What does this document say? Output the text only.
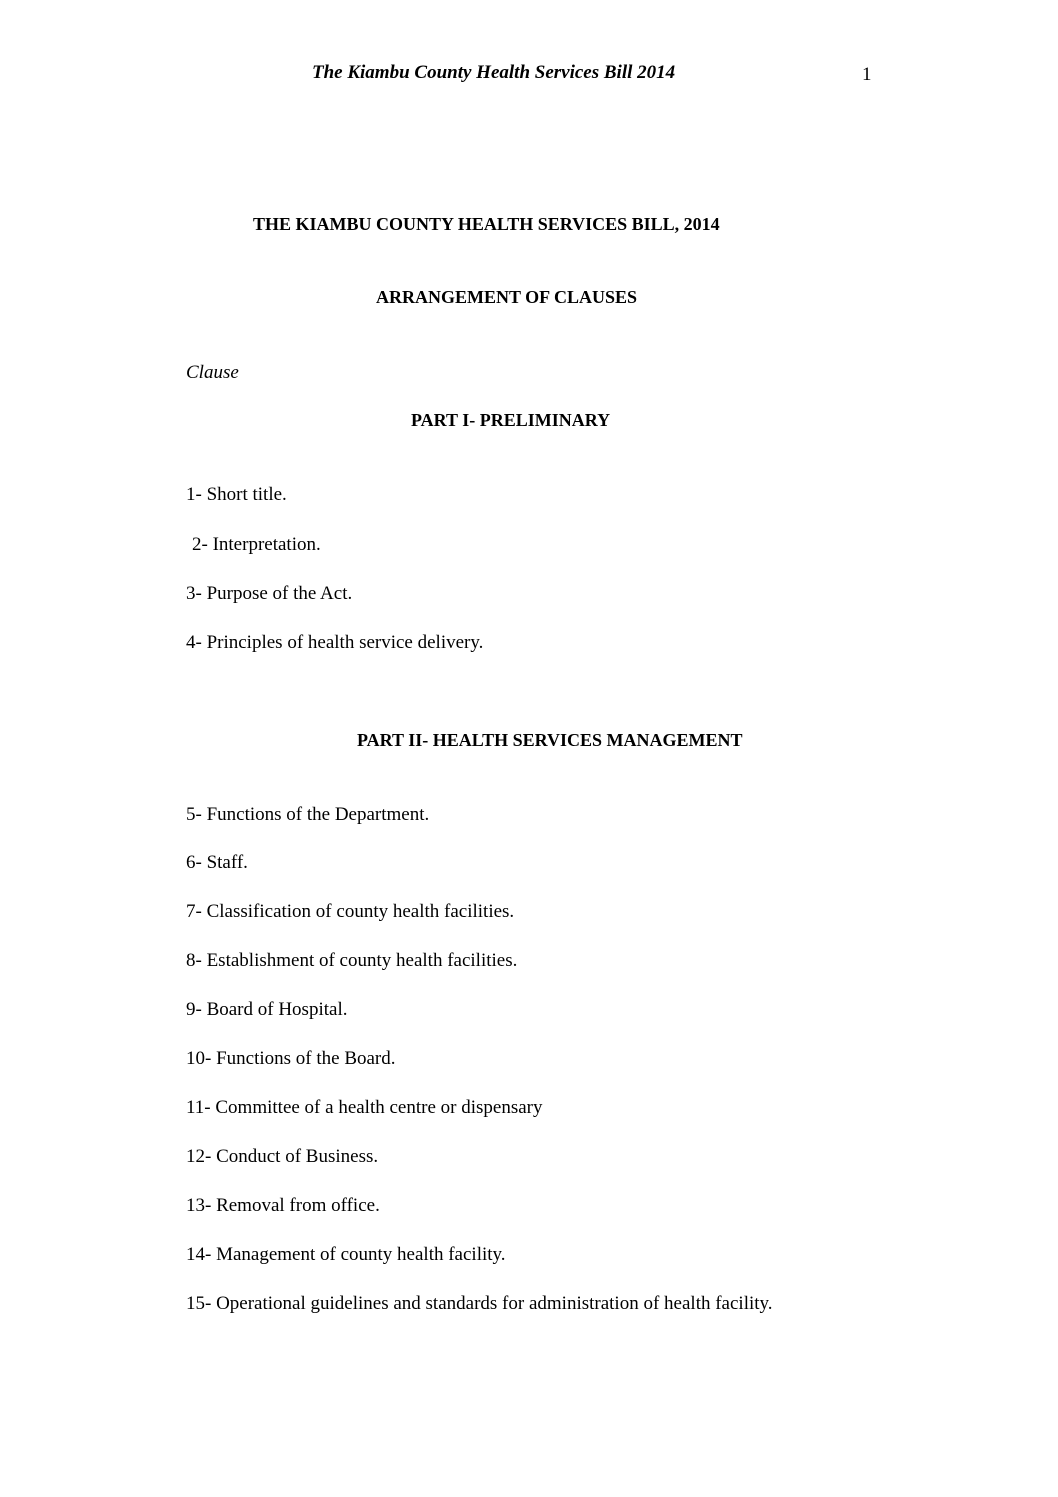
The Kiambu County Health Services Bill 2014	1
THE KIAMBU COUNTY HEALTH SERVICES BILL, 2014
ARRANGEMENT OF CLAUSES
Clause
PART I- PRELIMINARY
1- Short title.
2- Interpretation.
3- Purpose of the Act.
4- Principles of health service delivery.
PART II- HEALTH SERVICES MANAGEMENT
5- Functions of the Department.
6- Staff.
7- Classification of county health facilities.
8- Establishment of county health facilities.
9- Board of Hospital.
10- Functions of the Board.
11- Committee of a health centre or dispensary
12- Conduct of Business.
13- Removal from office.
14- Management of county health facility.
15- Operational guidelines and standards for administration of health facility.
